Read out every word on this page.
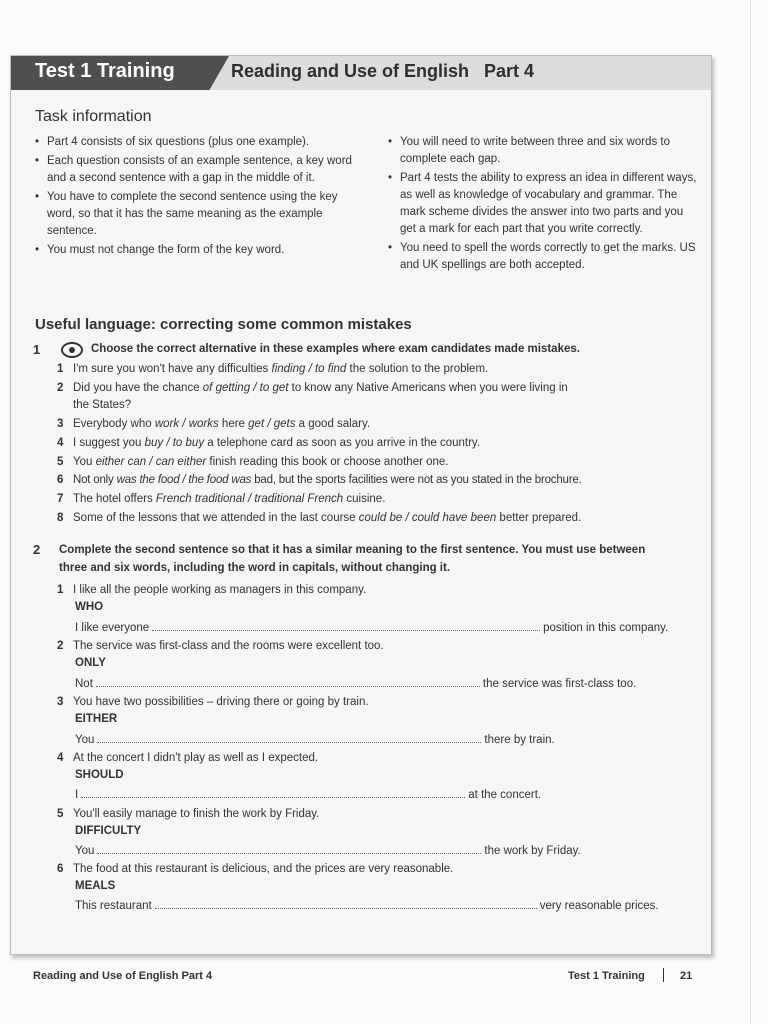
Test 1 Training	Reading and Use of English   Part 4
Task information
• Part 4 consists of six questions (plus one example).
• Each question consists of an example sentence, a key word and a second sentence with a gap in the middle of it.
• You have to complete the second sentence using the key word, so that it has the same meaning as the example sentence.
• You must not change the form of the key word.
• You will need to write between three and six words to complete each gap.
• Part 4 tests the ability to express an idea in different ways, as well as knowledge of vocabulary and grammar. The mark scheme divides the answer into two parts and you get a mark for each part that you write correctly.
• You need to spell the words correctly to get the marks. US and UK spellings are both accepted.
Useful language: correcting some common mistakes
1	Choose the correct alternative in these examples where exam candidates made mistakes.
1 I'm sure you won't have any difficulties finding / to find the solution to the problem.
2 Did you have the chance of getting / to get to know any Native Americans when you were living in
the States?
3 Everybody who work / works here get / gets a good salary.
4 I suggest you buy / to buy a telephone card as soon as you arrive in the country.
5 You either can / can either finish reading this book or choose another one.
6 Not only was the food / the food was bad, but the sports facilities were not as you stated in the brochure.
7 The hotel offers French traditional / traditional French cuisine.
8 Some of the lessons that we attended in the last course could be / could have been better prepared.
2 Complete the second sentence so that it has a similar meaning to the first sentence. You must use between
three and six words, including the word in capitals, without changing it.
1 I like all the people working as managers in this company.
WHO
I like everyone	position in this company.
2 The service was first-class and the rooms were excellent too.
ONLY
Not	the service was first-class too.
3 You have two possibilities – driving there or going by train.
EITHER
You	there by train.
4 At the concert I didn't play as well as I expected.
SHOULD
I	at the concert.
5 You'll easily manage to finish the work by Friday.
DIFFICULTY
You	the work by Friday.
6 The food at this restaurant is delicious, and the prices are very reasonable.
MEALS
This restaurant	very reasonable prices.
Reading and Use of English Part 4	Test 1 Training	21
